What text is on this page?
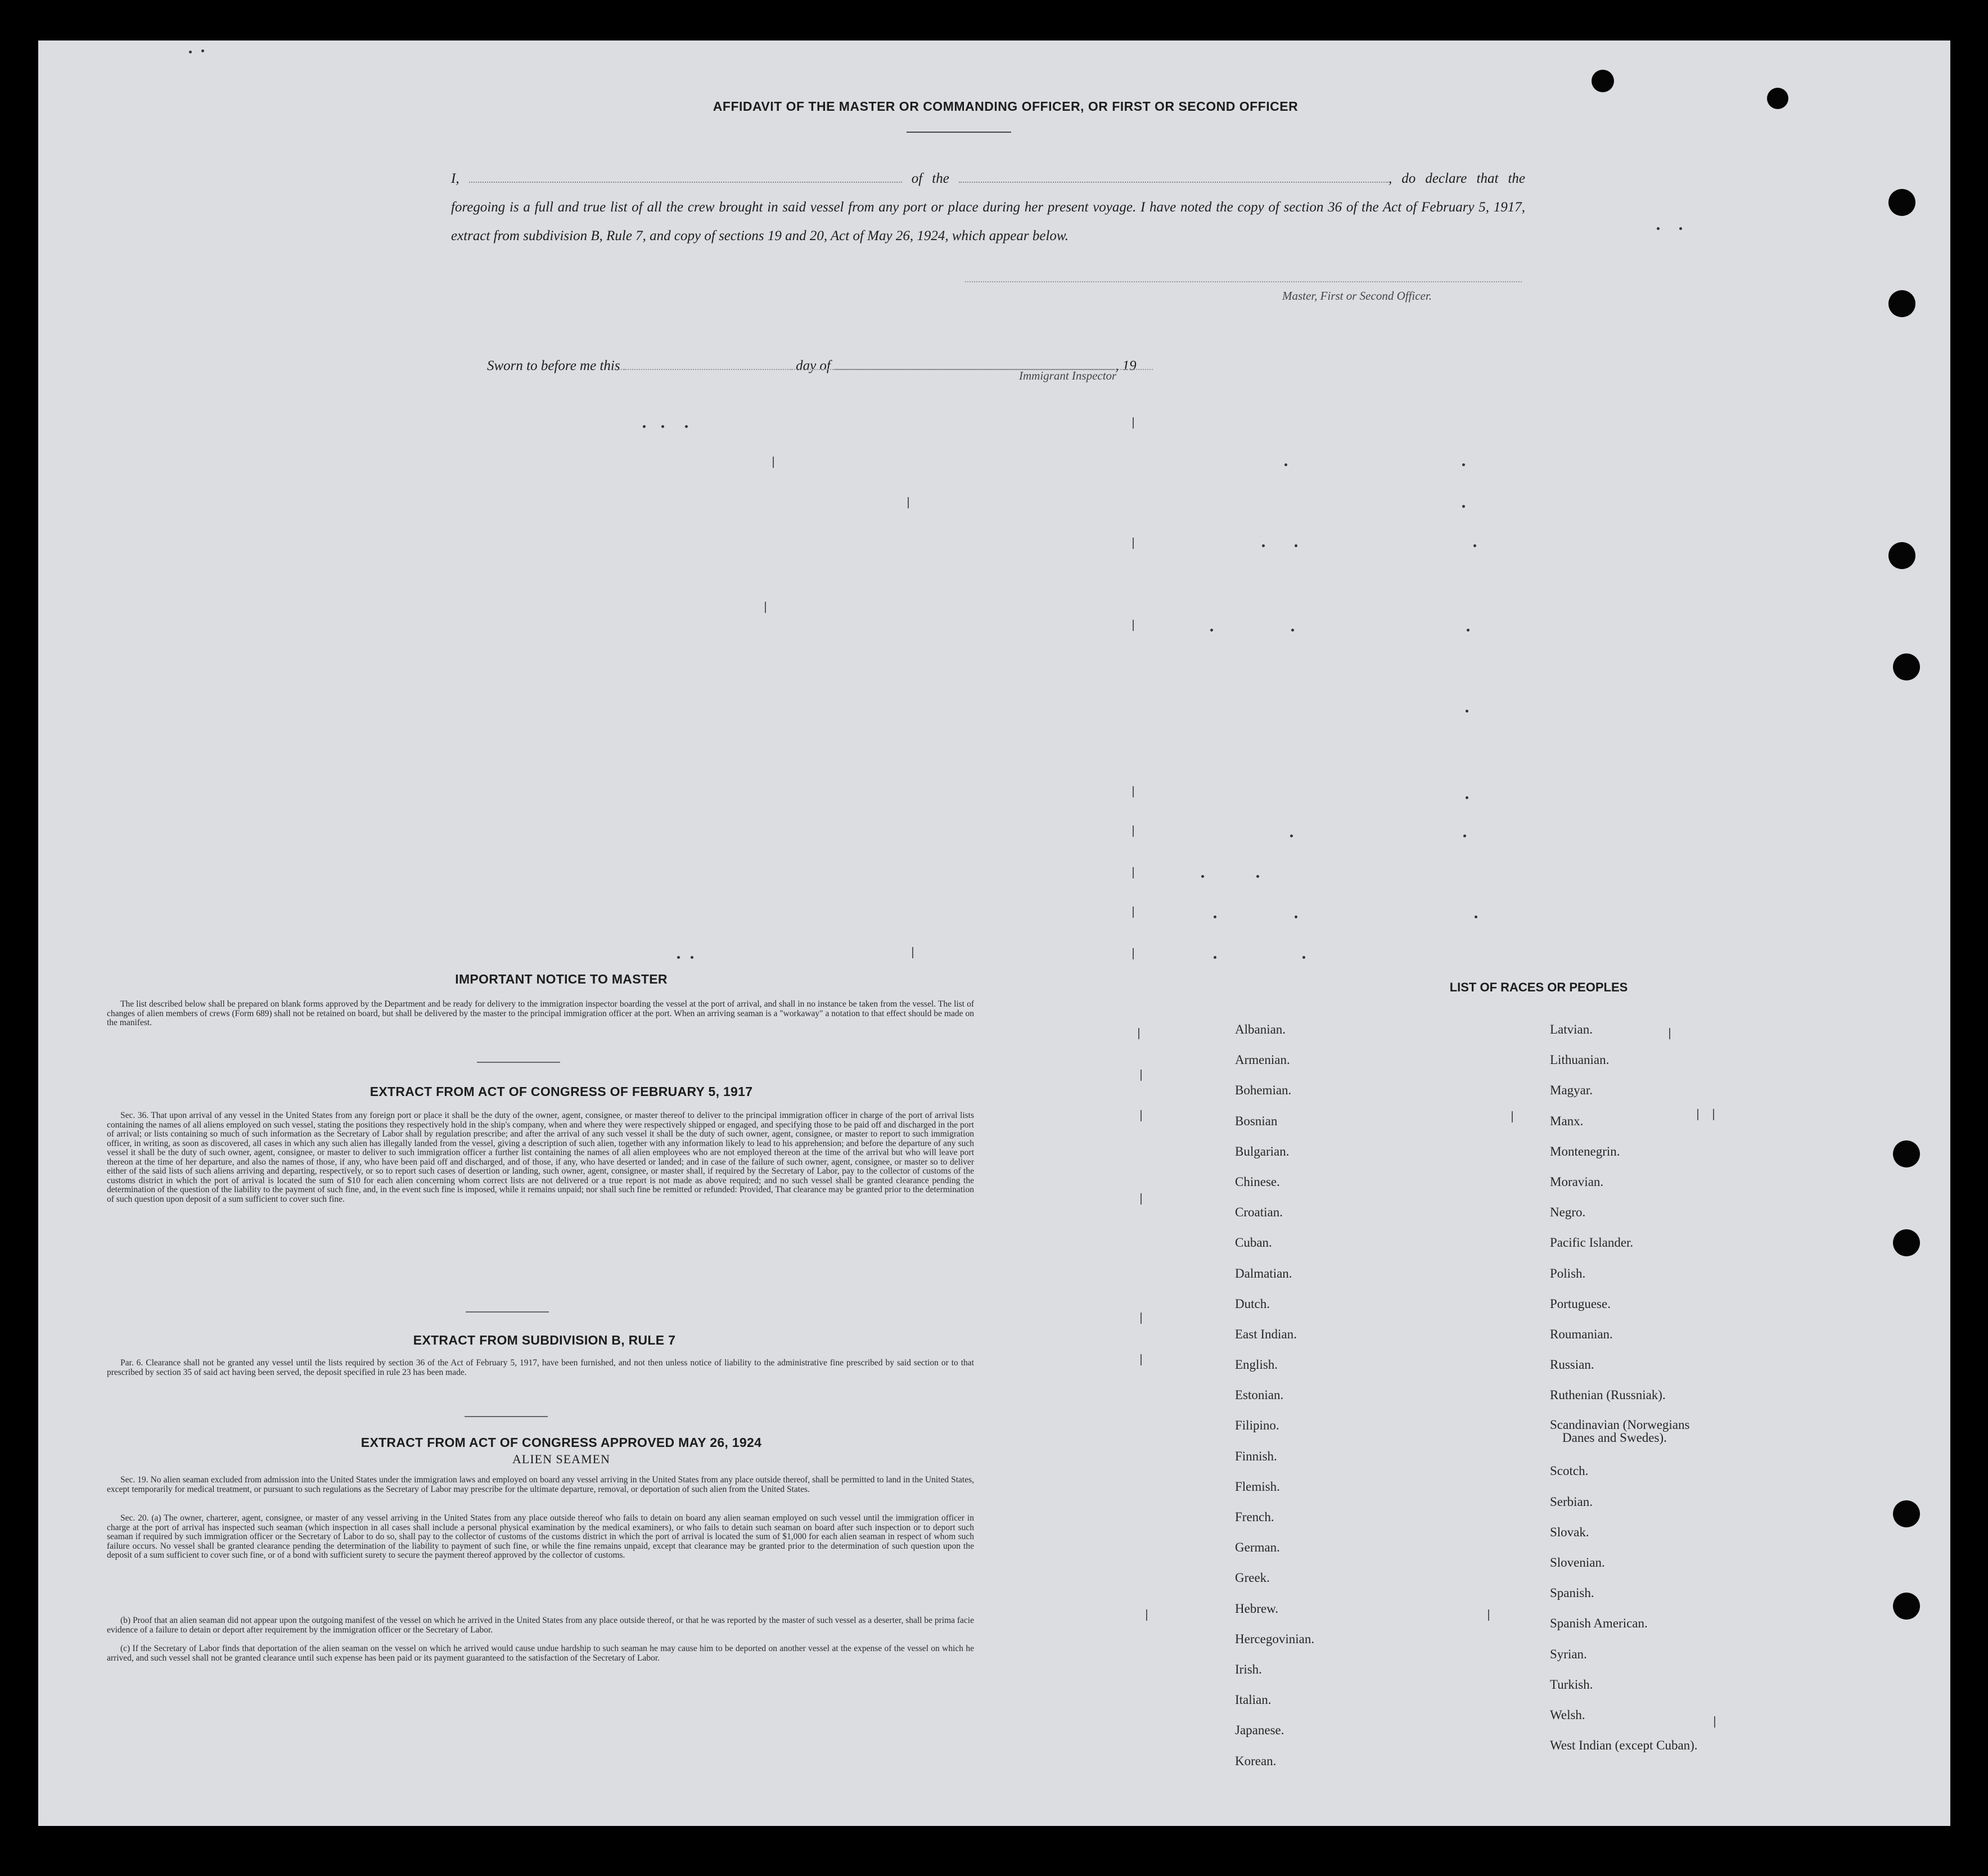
AFFIDAVIT OF THE MASTER OR COMMANDING OFFICER, OR FIRST OR SECOND OFFICER
I,	of the	, do declare that the foregoing is a full and true list of all the crew brought in said vessel from any port or place during her present voyage. I have noted the copy of section 36 of the Act of February 5, 1917, extract from subdivision B, Rule 7, and copy of sections 19 and 20, Act of May 26, 1924, which appear below.
Master, First or Second Officer.
Sworn to before me this	day of	, 19
Immigrant Inspector
IMPORTANT NOTICE TO MASTER
The list described below shall be prepared on blank forms approved by the Department and be ready for delivery to the immigration inspector boarding the vessel at the port of arrival, and shall in no instance be taken from the vessel. The list of changes of alien members of crews (Form 689) shall not be retained on board, but shall be delivered by the master to the principal immigration officer at the port. When an arriving seaman is a "workaway" a notation to that effect should be made on the manifest.
EXTRACT FROM ACT OF CONGRESS OF FEBRUARY 5, 1917
Sec. 36. That upon arrival of any vessel in the United States from any foreign port or place it shall be the duty of the owner, agent, consignee, or master thereof to deliver to the principal immigration officer in charge of the port of arrival lists containing the names of all aliens employed on such vessel, stating the positions they respectively hold in the ship's company, when and where they were respectively shipped or engaged, and specifying those to be paid off and discharged in the port of arrival; or lists containing so much of such information as the Secretary of Labor shall by regulation prescribe; and after the arrival of any such vessel it shall be the duty of such owner, agent, consignee, or master to report to such immigration officer, in writing, as soon as discovered, all cases in which any such alien has illegally landed from the vessel, giving a description of such alien, together with any information likely to lead to his apprehension; and before the departure of any such vessel it shall be the duty of such owner, agent, consignee, or master to deliver to such immigration officer a further list containing the names of all alien employees who are not employed thereon at the time of the arrival but who will leave port thereon at the time of her departure, and also the names of those, if any, who have been paid off and discharged, and of those, if any, who have deserted or landed; and in case of the failure of such owner, agent, consignee, or master so to deliver either of the said lists of such aliens arriving and departing, respectively, or so to report such cases of desertion or landing, such owner, agent, consignee, or master shall, if required by the Secretary of Labor, pay to the collector of customs of the customs district in which the port of arrival is located the sum of $10 for each alien concerning whom correct lists are not delivered or a true report is not made as above required; and no such vessel shall be granted clearance pending the determination of the question of the liability to the payment of such fine, and, in the event such fine is imposed, while it remains unpaid; nor shall such fine be remitted or refunded: Provided, That clearance may be granted prior to the determination of such question upon deposit of a sum sufficient to cover such fine.
EXTRACT FROM SUBDIVISION B, RULE 7
Par. 6. Clearance shall not be granted any vessel until the lists required by section 36 of the Act of February 5, 1917, have been furnished, and not then unless notice of liability to the administrative fine prescribed by said section or to that prescribed by section 35 of said act having been served, the deposit specified in rule 23 has been made.
EXTRACT FROM ACT OF CONGRESS APPROVED MAY 26, 1924
ALIEN SEAMEN
Sec. 19. No alien seaman excluded from admission into the United States under the immigration laws and employed on board any vessel arriving in the United States from any place outside thereof, shall be permitted to land in the United States, except temporarily for medical treatment, or pursuant to such regulations as the Secretary of Labor may prescribe for the ultimate departure, removal, or deportation of such alien from the United States.
Sec. 20. (a) The owner, charterer, agent, consignee, or master of any vessel arriving in the United States from any place outside thereof who fails to detain on board any alien seaman employed on such vessel until the immigration officer in charge at the port of arrival has inspected such seaman (which inspection in all cases shall include a personal physical examination by the medical examiners), or who fails to detain such seaman on board after such inspection or to deport such seaman if required by such immigration officer or the Secretary of Labor to do so, shall pay to the collector of customs of the customs district in which the port of arrival is located the sum of $1,000 for each alien seaman in respect of whom such failure occurs. No vessel shall be granted clearance pending the determination of the liability to payment of such fine, or while the fine remains unpaid, except that clearance may be granted prior to the determination of such question upon the deposit of a sum sufficient to cover such fine, or of a bond with sufficient surety to secure the payment thereof approved by the collector of customs.
(b) Proof that an alien seaman did not appear upon the outgoing manifest of the vessel on which he arrived in the United States from any place outside thereof, or that he was reported by the master of such vessel as a deserter, shall be prima facie evidence of a failure to detain or deport after requirement by the immigration officer or the Secretary of Labor.
(c) If the Secretary of Labor finds that deportation of the alien seaman on the vessel on which he arrived would cause undue hardship to such seaman he may cause him to be deported on another vessel at the expense of the vessel on which he arrived, and such vessel shall not be granted clearance until such expense has been paid or its payment guaranteed to the satisfaction of the Secretary of Labor.
LIST OF RACES OR PEOPLES
Albanian.
Armenian.
Bohemian.
Bosnian
Bulgarian.
Chinese.
Croatian.
Cuban.
Dalmatian.
Dutch.
East Indian.
English.
Estonian.
Filipino.
Finnish.
Flemish.
French.
German.
Greek.
Hebrew.
Hercegovinian.
Irish.
Italian.
Japanese.
Korean.
Latvian.
Lithuanian.
Magyar.
Manx.
Montenegrin.
Moravian.
Negro.
Pacific Islander.
Polish.
Portuguese.
Roumanian.
Russian.
Ruthenian (Russniak).
Scandinavian (Norwegians
Danes and Swedes).
Scotch.
Serbian.
Slovak.
Slovenian.
Spanish.
Spanish American.
Syrian.
Turkish.
Welsh.
West Indian (except Cuban).
